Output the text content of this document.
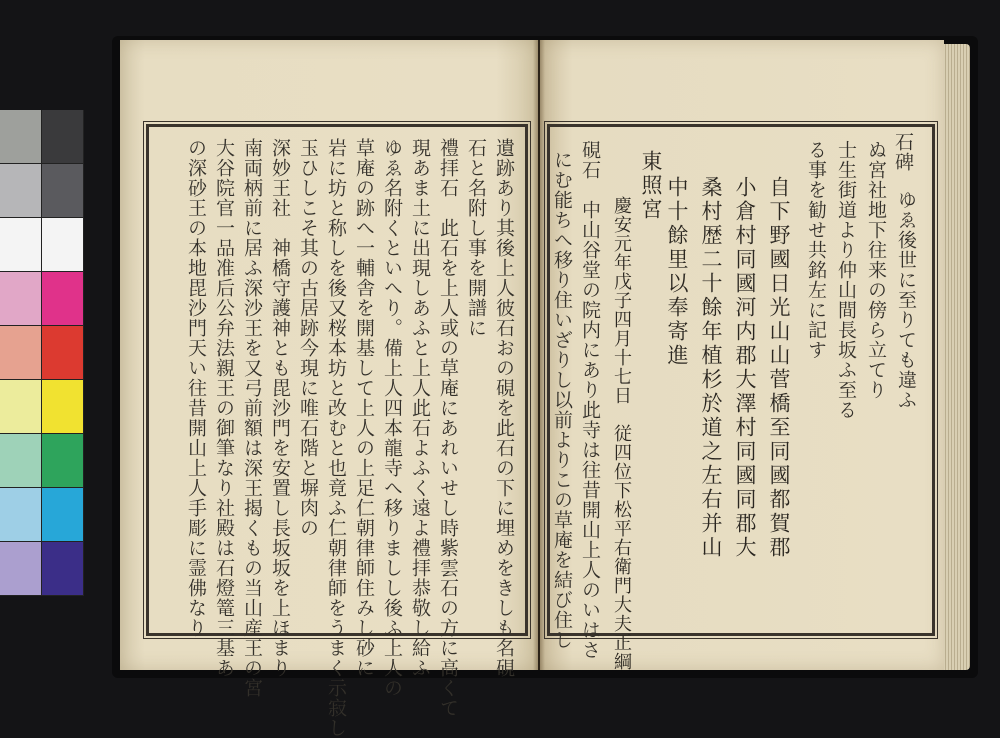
石碑
ゆゑ後世に至りても違ふ
ぬ宮社地下往来の傍ら立てり
士生街道より仲山間長坂ふ至る
る事を勧せ共銘左に記す
自下野國日光山山菅橋至同國都賀郡
小倉村同國河内郡大澤村同國同郡大
桑村歴二十餘年植杉於道之左右并山
中十餘里以奉寄進
東照宮
慶安元年戊子四月十七日　従四位下松平右衛門大夫正綱
硯石　中山谷堂の院内にあり此寺は往昔開山上人のいはさ
にむ能ちへ移り住いざりし以前よりこの草庵を結び住し
遺跡あり其後上人彼石おの硯を此石の下に埋めをきしも名硯
石と名附し事を開譜に
禮拝石　此石を上人或の草庵にあれいせし時紫雲石の方に高くて
現あま土に出現しあふと上人此石よふく遠よ禮拝恭敬し給ふ
ゆゑ名附くといへり。備上人四本龍寺へ移りましし後ふ上人の
草庵の跡へ一輔舎を開基して上人の上足仁朝律師住みし砂に
岩に坊と称しを後又桜本坊と改むと也竟ふ仁朝律師をうまく示寂し
玉ひしこそ其の古居跡今現に唯石階と塀肉の
深妙王社　神橋守護神とも毘沙門を安置し長坂坂を上ほまり
南両柄前に居ふ深沙王を又弓前額は深王揭くもの当山産王の宮
大谷院官一品准后公弁法親王の御筆なり社殿は石燈篭三基あ
の深砂王の本地毘沙門天い往昔開山上人手彫に霊佛なり
